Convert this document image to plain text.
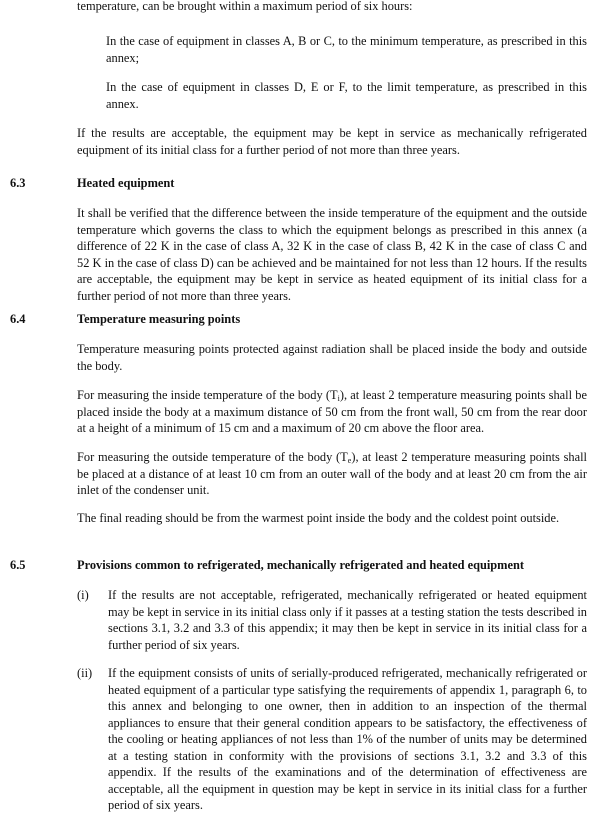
temperature, can be brought within a maximum period of six hours:

In the case of equipment in classes A, B or C, to the minimum temperature, as prescribed in this annex;

In the case of equipment in classes D, E or F, to the limit temperature, as prescribed in this annex.

If the results are acceptable, the equipment may be kept in service as mechanically refrigerated equipment of its initial class for a further period of not more than three years.

6.3	Heated equipment

It shall be verified that the difference between the inside temperature of the equipment and the outside temperature which governs the class to which the equipment belongs as prescribed in this annex (a difference of 22 K in the case of class A, 32 K in the case of class B, 42 K in the case of class C and 52 K in the case of class D) can be achieved and be maintained for not less than 12 hours. If the results are acceptable, the equipment may be kept in service as heated equipment of its initial class for a further period of not more than three years.

6.4	Temperature measuring points

Temperature measuring points protected against radiation shall be placed inside the body and outside the body.

For measuring the inside temperature of the body $(T_i)$, at least 2 temperature measuring points shall be placed inside the body at a maximum distance of 50 cm from the front wall, 50 cm from the rear door at a height of a minimum of 15 cm and a maximum of 20 cm above the floor area.

For measuring the outside temperature of the body $(T_e)$, at least 2 temperature measuring points shall be placed at a distance of at least 10 cm from an outer wall of the body and at least 20 cm from the air inlet of the condenser unit.

The final reading should be from the warmest point inside the body and the coldest point outside.

6.5	Provisions common to refrigerated, mechanically refrigerated and heated equipment
(i) If the results are not acceptable, refrigerated, mechanically refrigerated or heated equipment may be kept in service in its initial class only if it passes at a testing station the tests described in sections 3.1, 3.2 and 3.3 of this appendix; it may then be kept in service in its initial class for a further period of six years.

(ii) If the equipment consists of units of serially-produced refrigerated, mechanically refrigerated or heated equipment of a particular type satisfying the requirements of appendix 1, paragraph 6, to this annex and belonging to one owner, then in addition to an inspection of the thermal appliances to ensure that their general condition appears to be satisfactory, the effectiveness of the cooling or heating appliances of not less than 1% of the number of units may be determined at a testing station in conformity with the provisions of sections 3.1, 3.2 and 3.3 of this appendix. If the results of the examinations and of the determination of effectiveness are acceptable, all the equipment in question may be kept in service in its initial class for a further period of six years.
